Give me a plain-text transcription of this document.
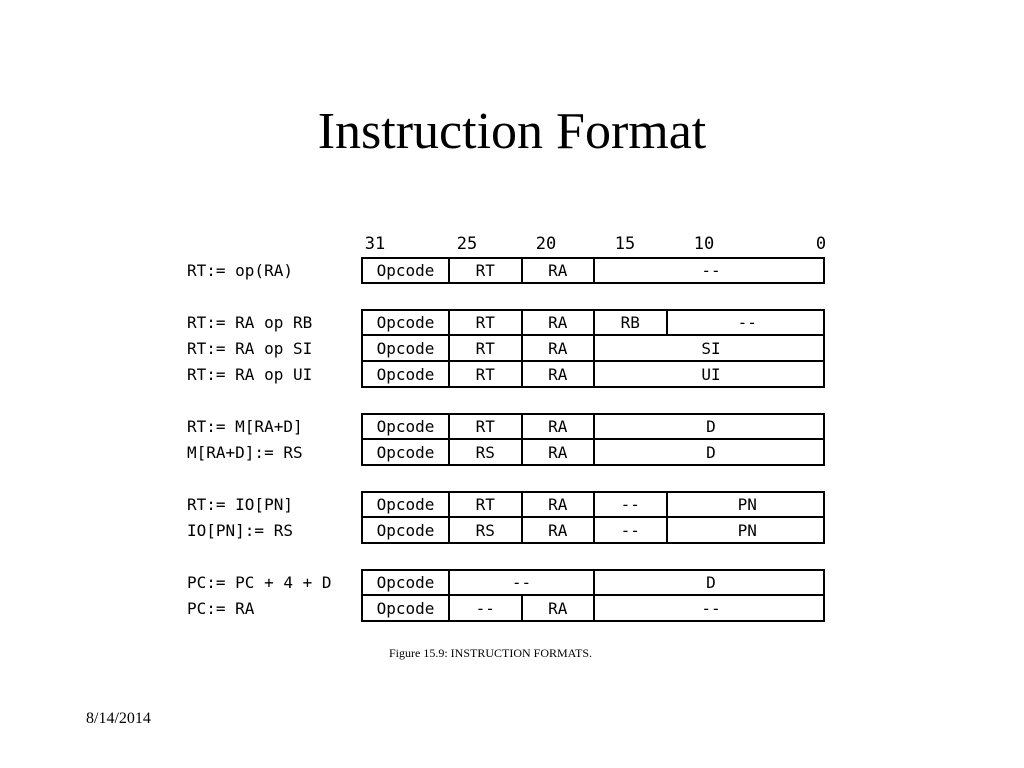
Instruction Format
31	25	20	15	10	0
RT:= op(RA)	Opcode	RT	RA	--
RT:= RA op RB	Opcode	RT	RA	RB	--
RT:= RA op SI	Opcode	RT	RA	SI
RT:= RA op UI	Opcode	RT	RA	UI
RT:= M[RA+D]	Opcode	RT	RA	D
M[RA+D]:= RS	Opcode	RS	RA	D
RT:= IO[PN]	Opcode	RT	RA	--	PN
IO[PN]:= RS	Opcode	RS	RA	--	PN
PC:= PC + 4 + D	Opcode	--	D
PC:= RA	Opcode	--	RA	--
Figure 15.9: INSTRUCTION FORMATS.
8/14/2014
